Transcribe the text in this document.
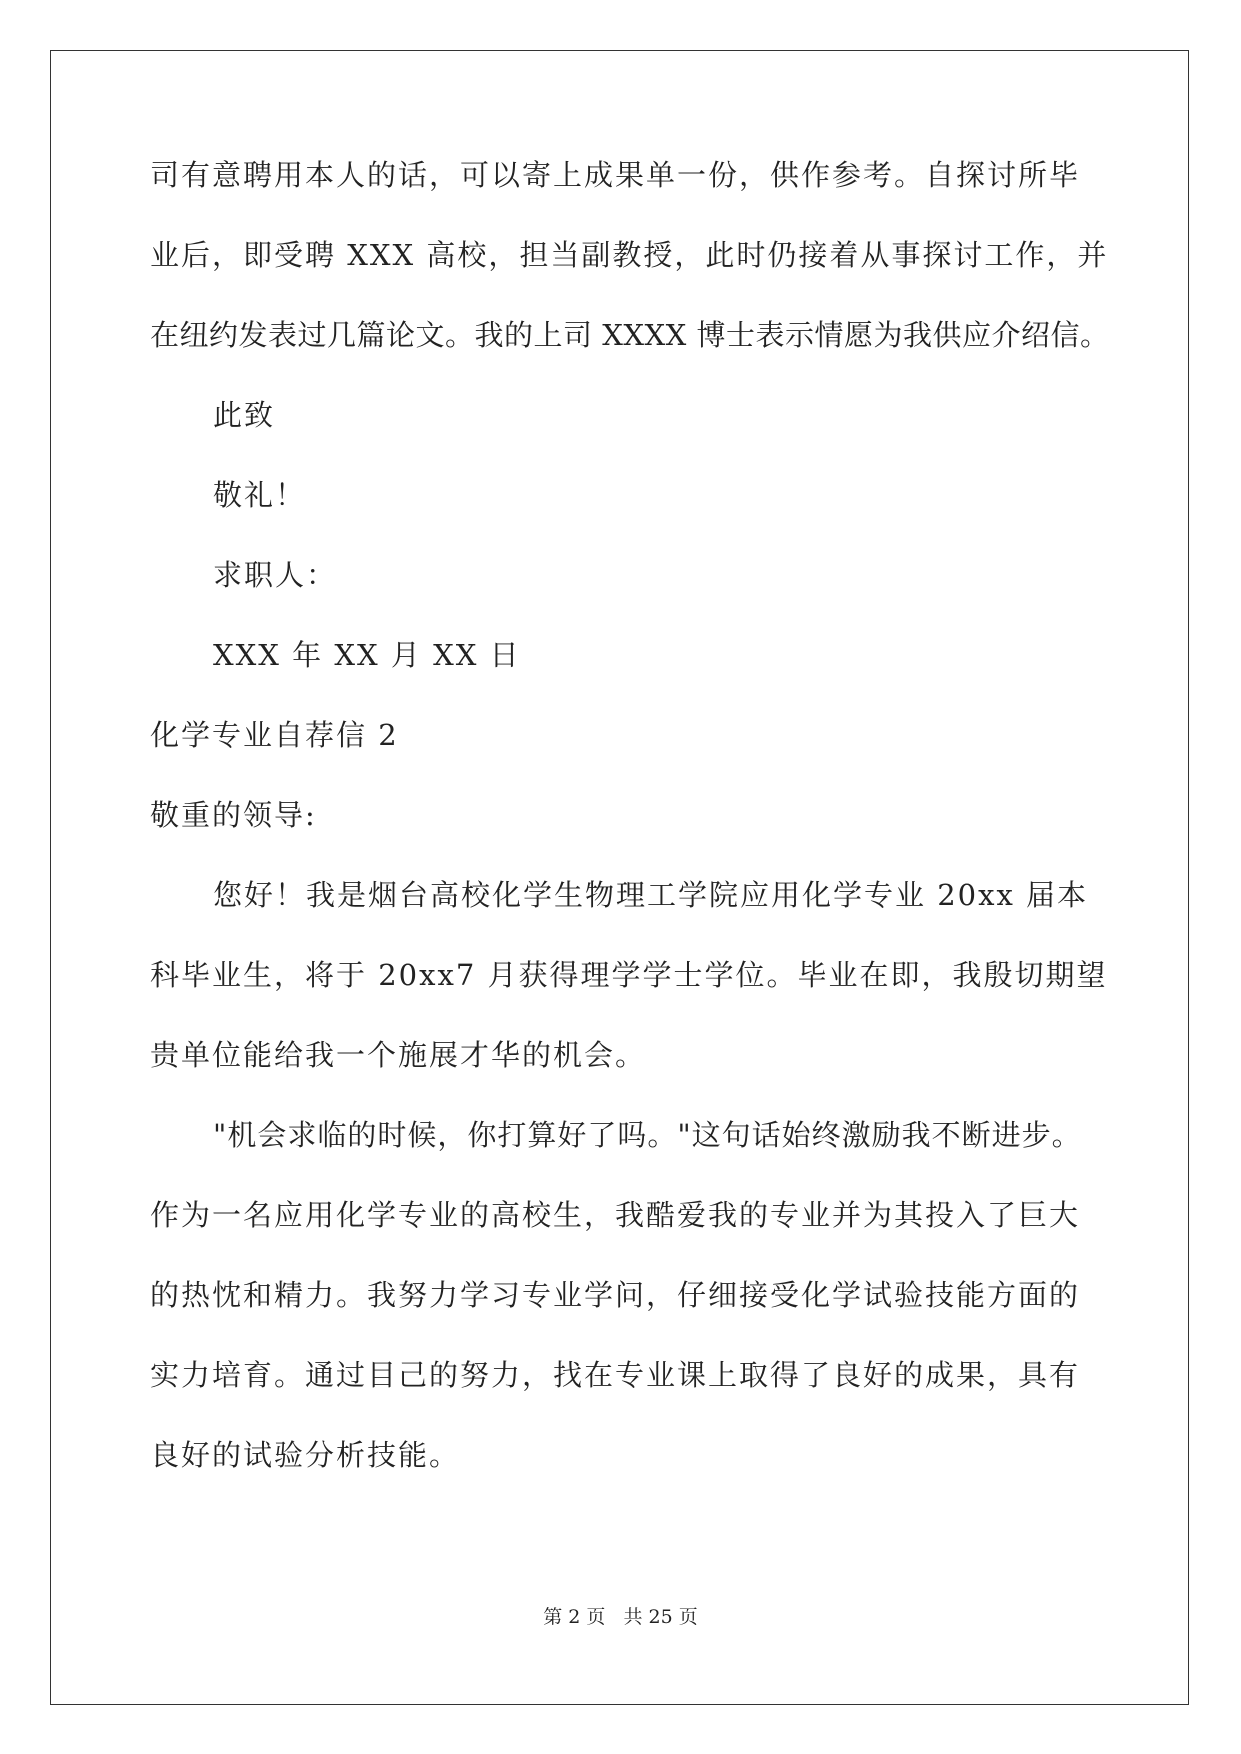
司有意聘用本人的话，可以寄上成果单一份，供作参考。自探讨所毕
业后，即受聘 XXX 高校，担当副教授，此时仍接着从事探讨工作，并
在纽约发表过几篇论文。我的上司 XXXX 博士表示情愿为我供应介绍信。
此致
敬礼！
求职人：
XXX 年 XX 月 XX 日
化学专业自荐信 2
敬重的领导:
您好！我是烟台高校化学生物理工学院应用化学专业 20xx 届本
科毕业生，将于 20xx7 月获得理学学士学位。毕业在即，我殷切期望
贵单位能给我一个施展才华的机会。
"机会求临的时候，你打算好了吗。"这句话始终激励我不断进步。
作为一名应用化学专业的高校生，我酷爱我的专业并为其投入了巨大
的热忱和精力。我努力学习专业学问，仔细接受化学试验技能方面的
实力培育。通过目己的努力，找在专业课上取得了良好的成果，具有
良好的试验分析技能。
第 2 页 共 25 页
